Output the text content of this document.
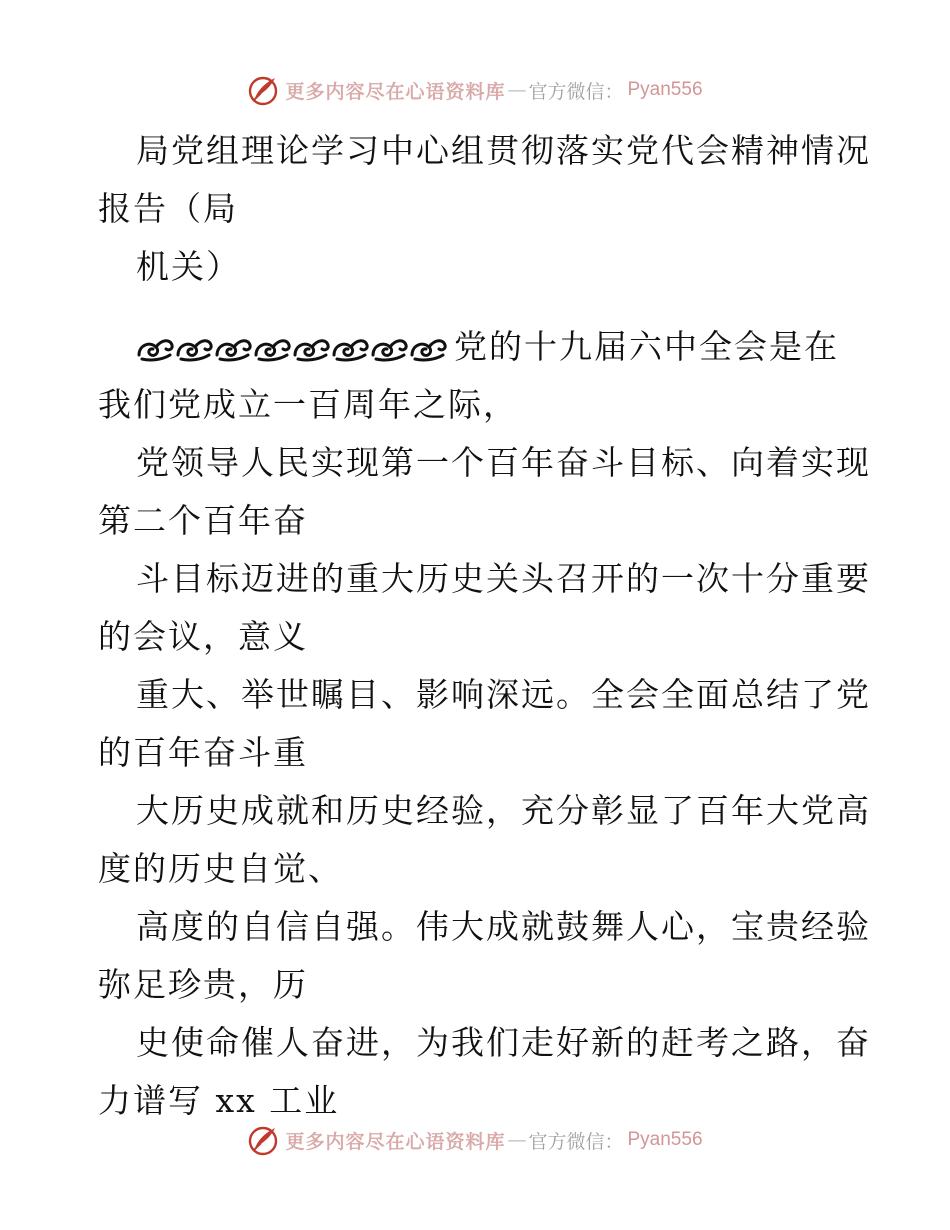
更多内容尽在心语资料库 — 官方微信： Pyan556
局党组理论学习中心组贯彻落实党代会精神情况
报告（局
机关）
党的十九届六中全会是在
我们党成立一百周年之际，
党领导人民实现第一个百年奋斗目标、向着实现
第二个百年奋
斗目标迈进的重大历史关头召开的一次十分重要
的会议，意义
重大、举世瞩目、影响深远。全会全面总结了党
的百年奋斗重
大历史成就和历史经验，充分彰显了百年大党高
度的历史自觉、
高度的自信自强。伟大成就鼓舞人心，宝贵经验
弥足珍贵，历
史使命催人奋进，为我们走好新的赶考之路，奋
力谱写 xx 工业
更多内容尽在心语资料库 — 官方微信： Pyan556
